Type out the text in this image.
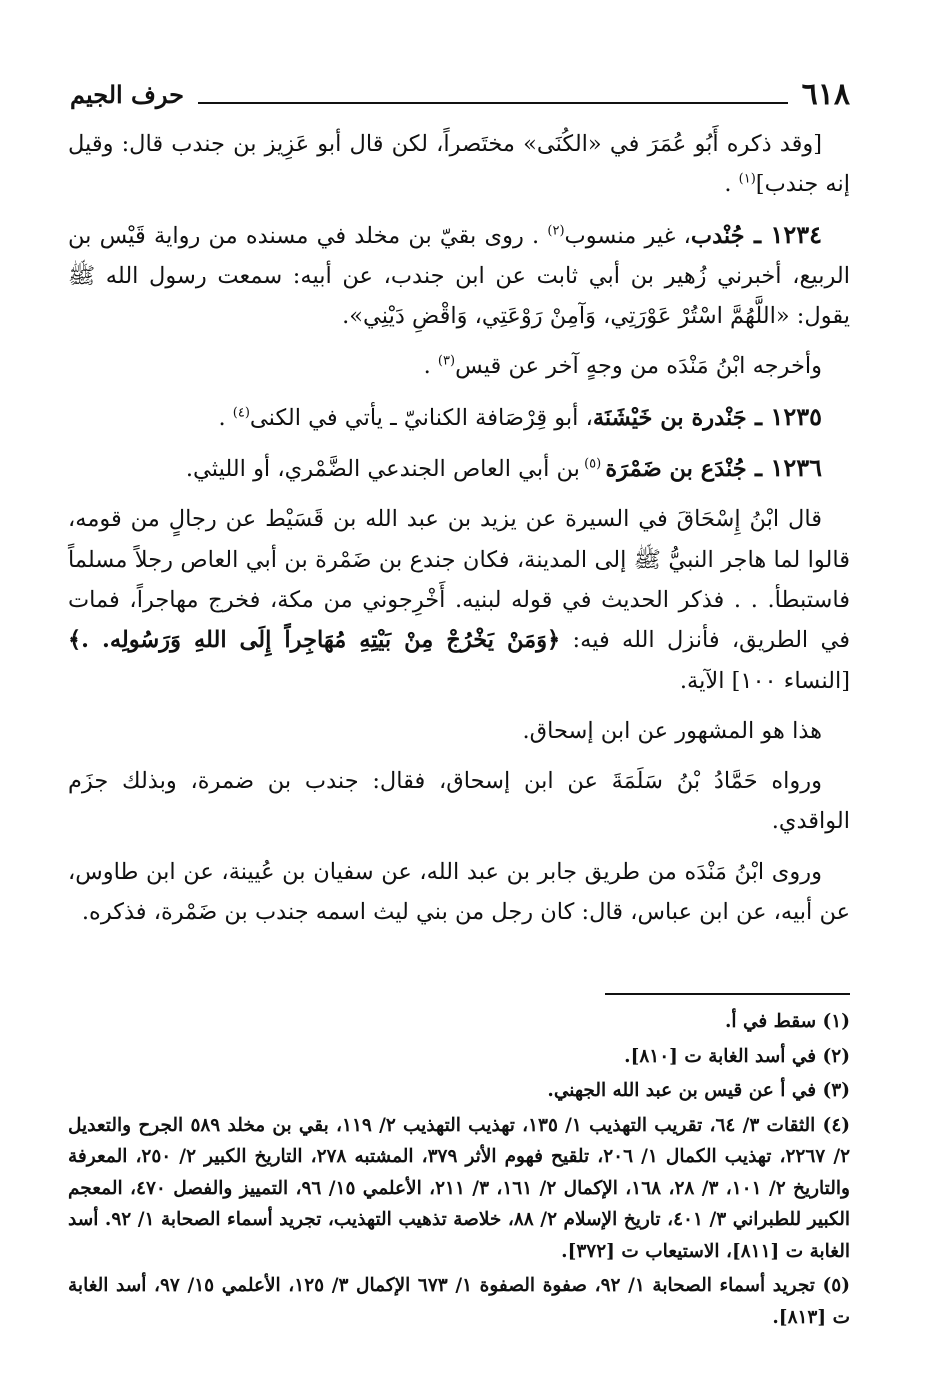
٦١٨
حرف الجيم

[وقد ذكره أَبُو عُمَرَ في «الكُنَى» مختَصراً، لكن قال أبو عَزِيز بن جندب قال: وقيل إنه جندب]$^{(١)}$ .

١٢٣٤ ـ جُنْدب، غير منسوب$^{(٢)}$ . روى بقيّ بن مخلد في مسنده من رواية قَيْس بن الربيع، أخبرني زُهير بن أبي ثابت عن ابن جندب، عن أبيه: سمعت رسول الله ﷺ يقول: «اللَّهُمَّ اسْتُرْ عَوْرَتِي، وَآمِنْ رَوْعَتِي، وَاقْضِ دَيْنِي».

وأخرجه ابْنُ مَنْدَه من وجهٍ آخر عن قيس$^{(٣)}$ .

١٢٣٥ ـ جَنْدرة بن خَيْشَنَة، أبو قِرْصَافة الكنانيّ ـ يأتي في الكنى$^{(٤)}$ .

١٢٣٦ ـ جُنْدَع بن ضَمْرَة $^{(٥)}$ بن أبي العاص الجندعي الضَّمْري، أو الليثي.

قال ابْنُ إِسْحَاقَ في السيرة عن يزيد بن عبد الله بن قَسَيْط عن رجالٍ من قومه، قالوا لما هاجر النبيُّ ﷺ إلى المدينة، فكان جندع بن ضَمْرة بن أبي العاص رجلاً مسلماً فاستبطأ. . . فذكر الحديث في قوله لبنيه. أَخْرِجوني من مكة، فخرج مهاجراً، فمات في الطريق، فأنزل الله فيه: ﴿وَمَنْ يَخْرُجْ مِنْ بَيْتِهِ مُهَاجِراً إِلَى اللهِ وَرَسُولِه. .﴾ [النساء ١٠٠] الآية.

هذا هو المشهور عن ابن إسحاق.

ورواه حَمَّادُ بْنُ سَلَمَةَ عن ابن إسحاق، فقال: جندب بن ضمرة، وبذلك جزَم الواقدي.

وروى ابْنُ مَنْدَه من طريق جابر بن عبد الله، عن سفيان بن عُيينة، عن ابن طاوس، عن أبيه، عن ابن عباس، قال: كان رجل من بني ليث اسمه جندب بن ضَمْرة، فذكره.

(١) سقط في أ.

(٢) في أسد الغابة ت [٨١٠].

(٣) في أ عن قيس بن عبد الله الجهني.

(٤) الثقات ٣/ ٦٤، تقريب التهذيب ١/ ١٣٥، تهذيب التهذيب ٢/ ١١٩، بقي بن مخلد ٥٨٩ الجرح والتعديل ٢/ ٢٢٦٧، تهذيب الكمال ١/ ٢٠٦، تلقيح فهوم الأثر ٣٧٩، المشتبه ٢٧٨، التاريخ الكبير ٢/ ٢٥٠، المعرفة والتاريخ ٢/ ١٠١، ٣/ ٢٨، ١٦٨، الإكمال ٢/ ١٦١، ٣/ ٢١١، الأعلمي ١٥/ ٩٦، التمييز والفصل ٤٧٠، المعجم الكبير للطبراني ٣/ ٤٠١، تاريخ الإسلام ٢/ ٨٨، خلاصة تذهيب التهذيب، تجريد أسماء الصحابة ١/ ٩٢. أسد الغابة ت [٨١١]، الاستيعاب ت [٣٧٢].

(٥) تجريد أسماء الصحابة ١/ ٩٢، صفوة الصفوة ١/ ٦٧٣ الإكمال ٣/ ١٢٥، الأعلمي ١٥/ ٩٧، أسد الغابة ت [٨١٣].
